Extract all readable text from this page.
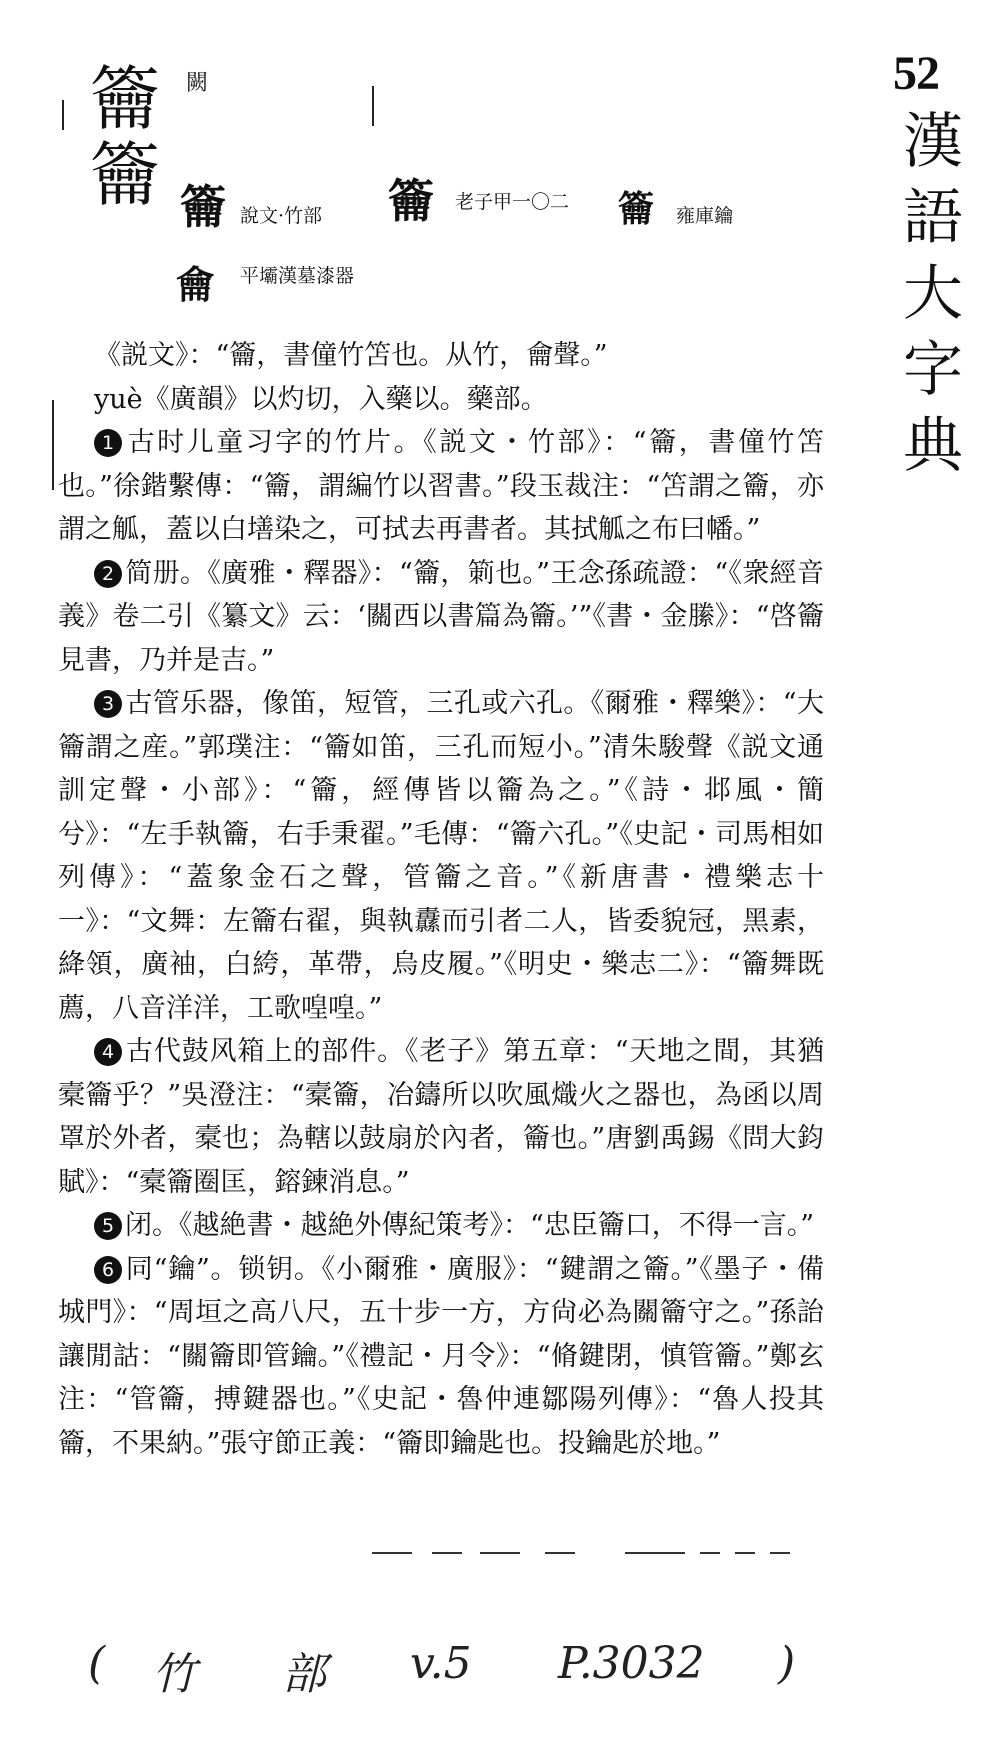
52
漢
語
大
字
典
籥
籥
闕
籥 說文·竹部 籥 老子甲一〇二	籥 雍庫鑰
龠 平壩漢墓漆器

《説文》：“籥，書僮竹笘也。从竹，龠聲。”

yuè《廣韻》以灼切，入藥以。藥部。

1 古时儿童习字的竹片。《説文・竹部》：“籥，書僮竹笘也。”徐鍇繫傳：“籥，謂編竹以習書。”段玉裁注：“笘謂之籥，亦謂之觚，蓋以白墡染之，可拭去再書者。其拭觚之布曰幡。”

2 简册。《廣雅・釋器》：“籥，箣也。”王念孫疏證：“《衆經音義》卷二引《纂文》云：‘關西以書篇為籥。’”《書・金縢》：“啓籥見書，乃并是吉。”

3 古管乐器，像笛，短管，三孔或六孔。《爾雅・釋樂》：“大籥謂之産。”郭璞注：“籥如笛，三孔而短小。”清朱駿聲《説文通訓定聲・小部》：“籥，經傳皆以籥為之。”《詩・邶風・簡兮》：“左手執籥，右手秉翟。”毛傳：“籥六孔。”《史記・司馬相如列傳》：“蓋象金石之聲，管籥之音。”《新唐書・禮樂志十一》：“文舞：左籥右翟，與執纛而引者二人，皆委貌冠，黑素，絳領，廣袖，白絝，革帶，烏皮履。”《明史・樂志二》：“籥舞既薦，八音洋洋，工歌喤喤。”

4 古代鼓风箱上的部件。《老子》第五章：“天地之間，其猶槖籥乎？”吳澄注：“槖籥，冶鑄所以吹風熾火之器也，為函以周罩於外者，槖也；為轄以鼓扇於內者，籥也。”唐劉禹錫《問大鈞賦》：“槖籥圈匡，鎔鍊消息。”

5 闭。《越絶書・越絶外傳紀策考》：“忠臣籥口，不得一言。”

6 同“鑰”。锁钥。《小爾雅・廣服》：“鍵謂之籥。”《墨子・備城門》：“周垣之高八尺，五十步一方，方尙必為關籥守之。”孫詒讓閒詁：“關籥即管鑰。”《禮記・月令》：“脩鍵閉，慎管籥。”鄭玄注：“管籥，搏鍵器也。”《史記・魯仲連鄒陽列傳》：“魯人投其籥，不果納。”張守節正義：“籥即鑰匙也。投鑰匙於地。”

( 竹 部 v.5 P.3032 )
